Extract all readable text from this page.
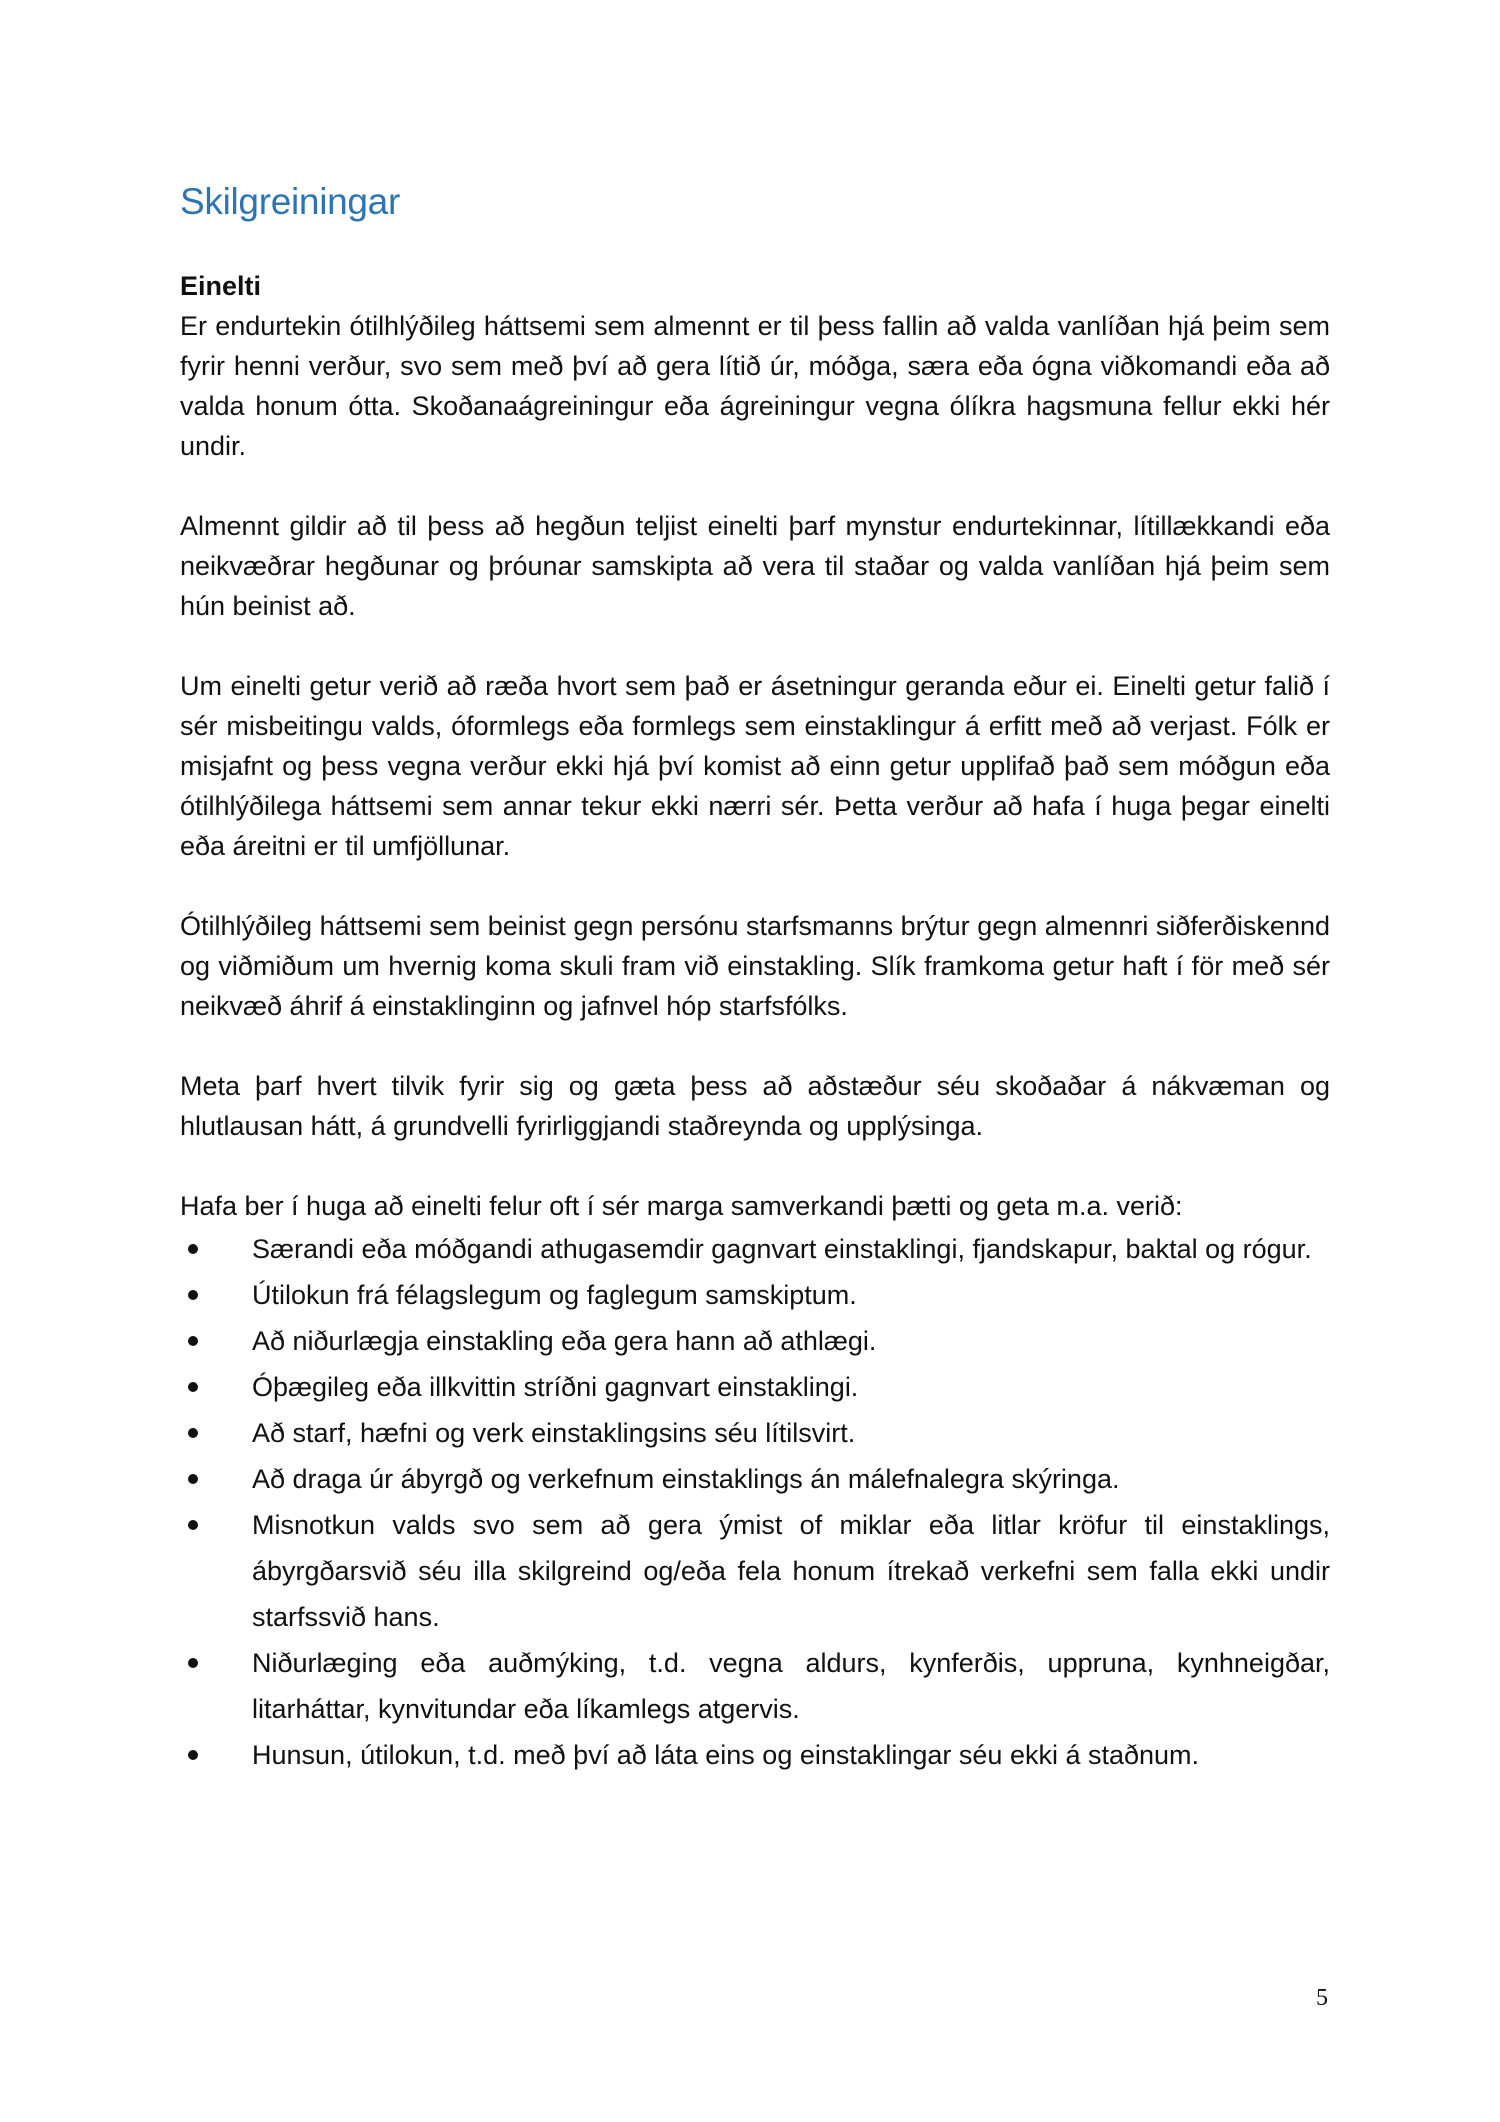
Skilgreiningar
Einelti

Er endurtekin ótilhlýðileg háttsemi sem almennt er til þess fallin að valda vanlíðan hjá þeim sem fyrir henni verður, svo sem með því að gera lítið úr, móðga, særa eða ógna viðkomandi eða að valda honum ótta. Skoðanaágreiningur eða ágreiningur vegna ólíkra hagsmuna fellur ekki hér undir.

Almennt gildir að til þess að hegðun teljist einelti þarf mynstur endurtekinnar, lítillækkandi eða neikvæðrar hegðunar og þróunar samskipta að vera til staðar og valda vanlíðan hjá þeim sem hún beinist að.

Um einelti getur verið að ræða hvort sem það er ásetningur geranda eður ei. Einelti getur falið í sér misbeitingu valds, óformlegs eða formlegs sem einstaklingur á erfitt með að verjast. Fólk er misjafnt og þess vegna verður ekki hjá því komist að einn getur upplifað það sem móðgun eða ótilhlýðilega háttsemi sem annar tekur ekki nærri sér. Þetta verður að hafa í huga þegar einelti eða áreitni er til umfjöllunar.

Ótilhlýðileg háttsemi sem beinist gegn persónu starfsmanns brýtur gegn almennri siðferðiskennd og viðmiðum um hvernig koma skuli fram við einstakling. Slík framkoma getur haft í för með sér neikvæð áhrif á einstaklinginn og jafnvel hóp starfsfólks.

Meta þarf hvert tilvik fyrir sig og gæta þess að aðstæður séu skoðaðar á nákvæman og hlutlausan hátt, á grundvelli fyrirliggjandi staðreynda og upplýsinga.

Hafa ber í huga að einelti felur oft í sér marga samverkandi þætti og geta m.a. verið:

Særandi eða móðgandi athugasemdir gagnvart einstaklingi, fjandskapur, baktal og rógur.
Útilokun frá félagslegum og faglegum samskiptum.
Að niðurlægja einstakling eða gera hann að athlægi.
Óþægileg eða illkvittin stríðni gagnvart einstaklingi.
Að starf, hæfni og verk einstaklingsins séu lítilsvirt.
Að draga úr ábyrgð og verkefnum einstaklings án málefnalegra skýringa.
Misnotkun valds svo sem að gera ýmist of miklar eða litlar kröfur til einstaklings, ábyrgðarsvið séu illa skilgreind og/eða fela honum ítrekað verkefni sem falla ekki undir starfssvið hans.
Niðurlæging eða auðmýking, t.d. vegna aldurs, kynferðis, uppruna, kynhneigðar, litarháttar, kynvitundar eða líkamlegs atgervis.
Hunsun, útilokun, t.d. með því að láta eins og einstaklingar séu ekki á staðnum.
5
